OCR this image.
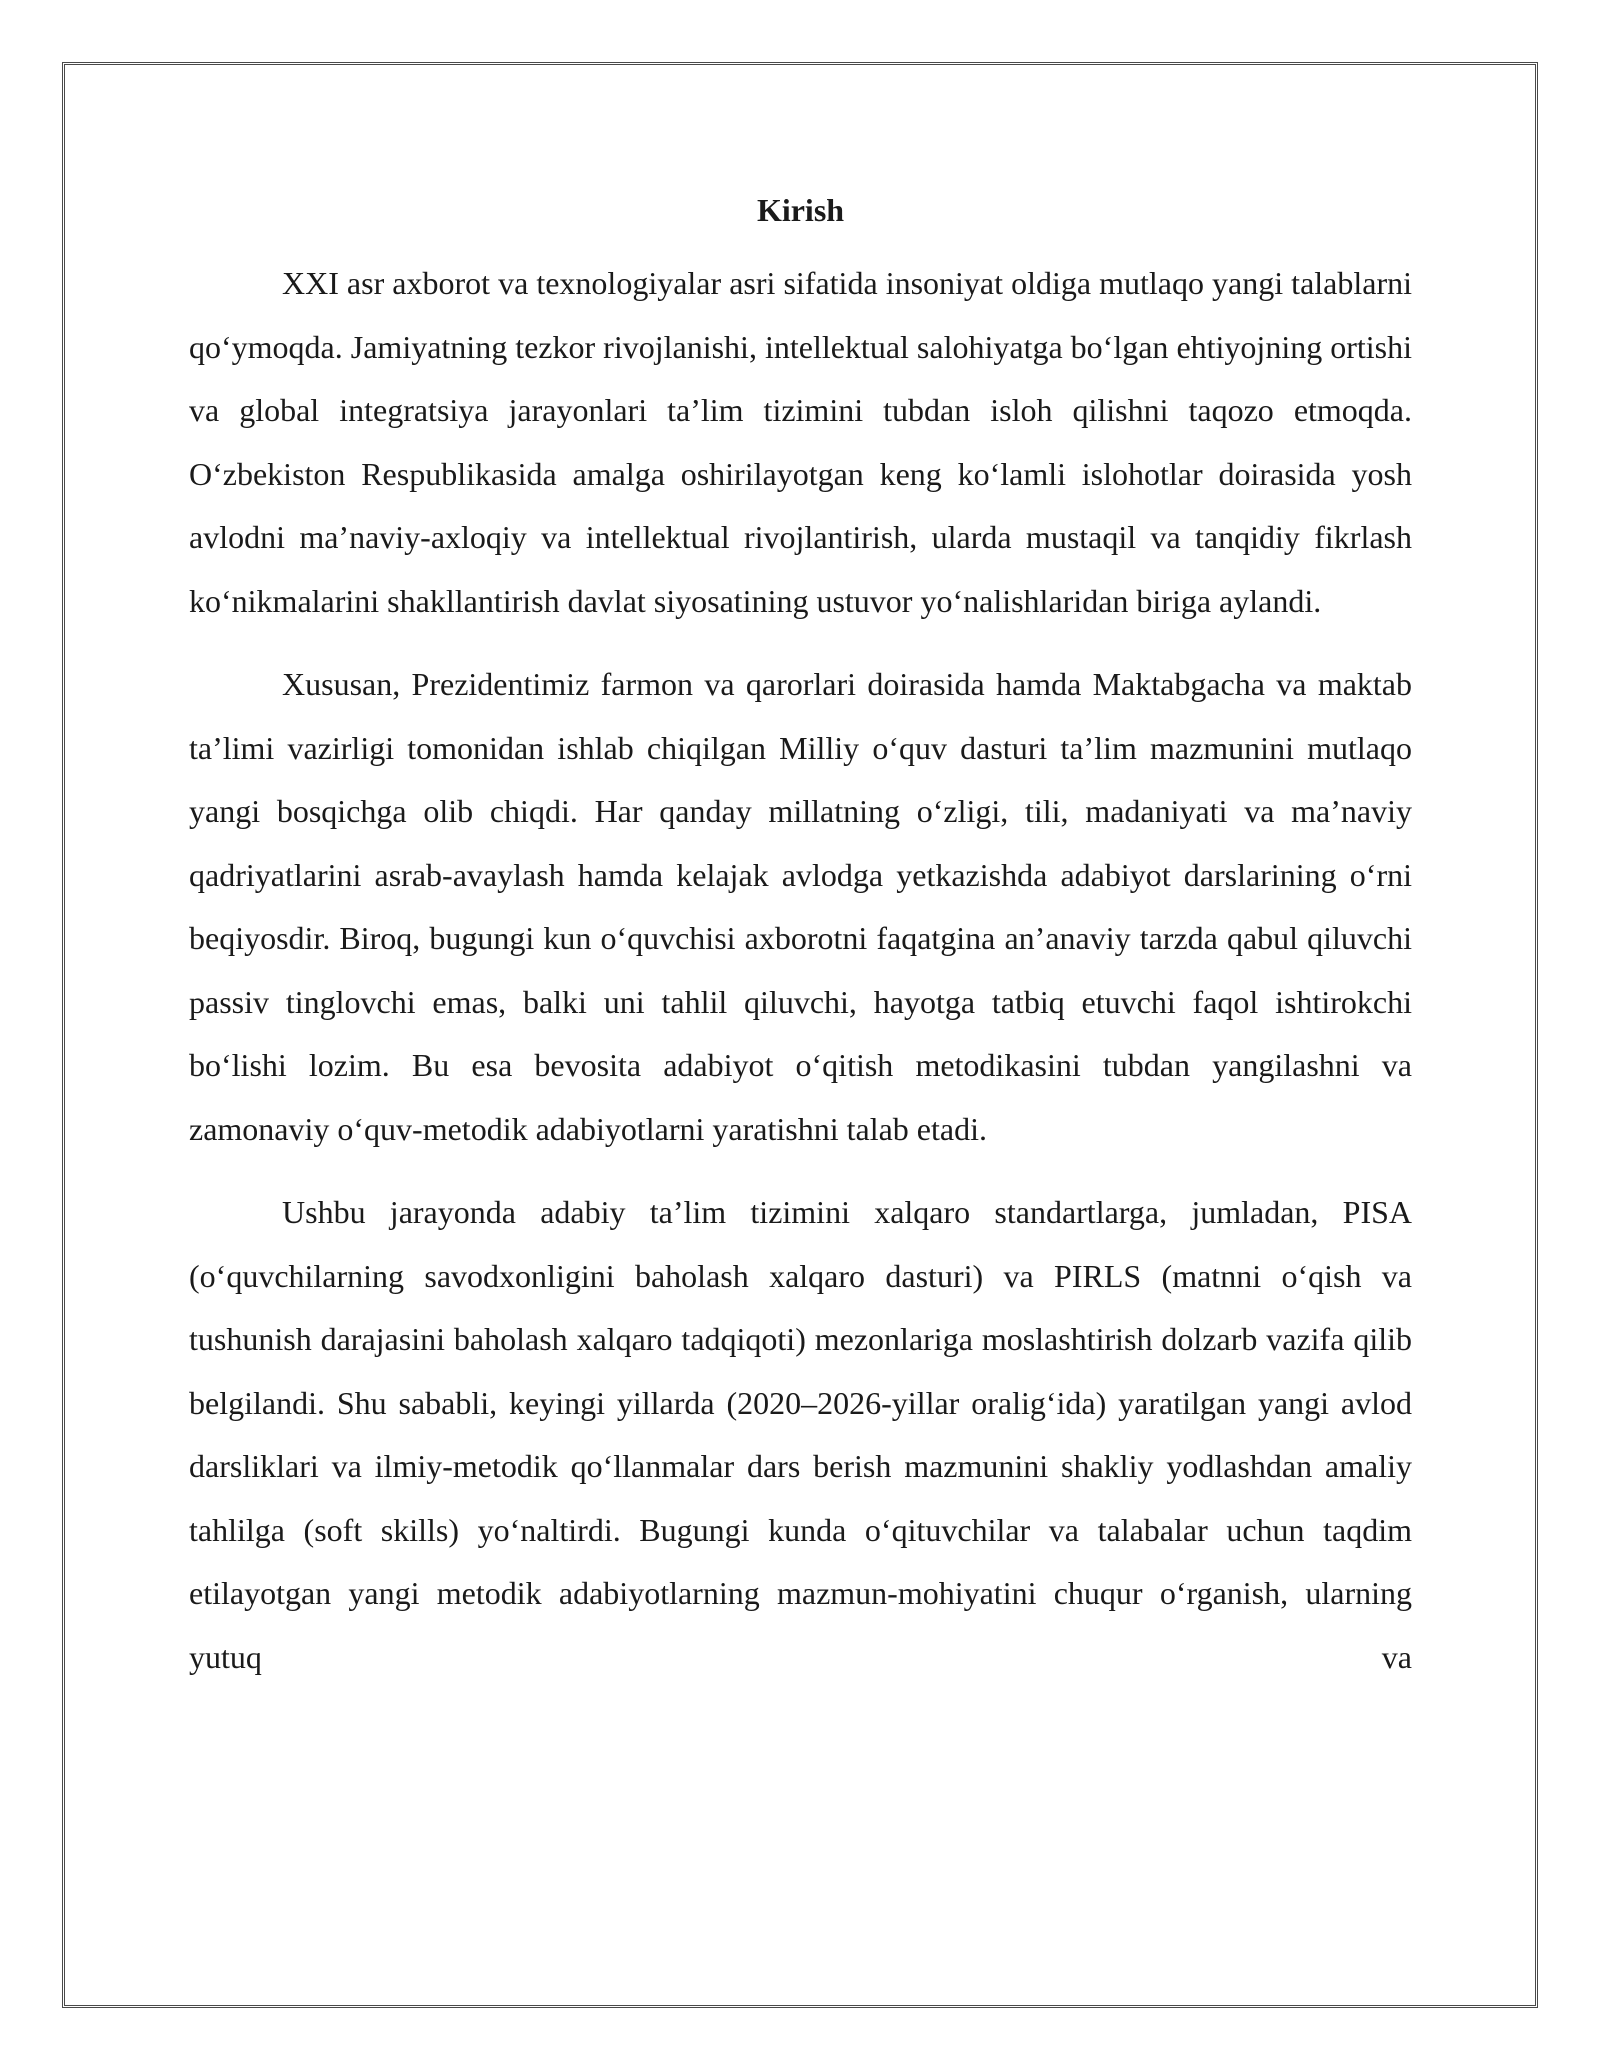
Kirish

XXI asr axborot va texnologiyalar asri sifatida insoniyat oldiga mutlaqo yangi talablarni qo‘ymoqda. Jamiyatning tezkor rivojlanishi, intellektual salohiyatga bo‘lgan ehtiyojning ortishi va global integratsiya jarayonlari ta’lim tizimini tubdan isloh qilishni taqozo etmoqda. O‘zbekiston Respublikasida amalga oshirilayotgan keng ko‘lamli islohotlar doirasida yosh avlodni ma’naviy-axloqiy va intellektual rivojlantirish, ularda mustaqil va tanqidiy fikrlash ko‘nikmalarini shakllantirish davlat siyosatining ustuvor yo‘nalishlaridan biriga aylandi.

Xususan, Prezidentimiz farmon va qarorlari doirasida hamda Maktabgacha va maktab ta’limi vazirligi tomonidan ishlab chiqilgan Milliy o‘quv dasturi ta’lim mazmunini mutlaqo yangi bosqichga olib chiqdi. Har qanday millatning o‘zligi, tili, madaniyati va ma’naviy qadriyatlarini asrab-avaylash hamda kelajak avlodga yetkazishda adabiyot darslarining o‘rni beqiyosdir. Biroq, bugungi kun o‘quvchisi axborotni faqatgina an’anaviy tarzda qabul qiluvchi passiv tinglovchi emas, balki uni tahlil qiluvchi, hayotga tatbiq etuvchi faqol ishtirokchi bo‘lishi lozim. Bu esa bevosita adabiyot o‘qitish metodikasini tubdan yangilashni va zamonaviy o‘quv-metodik adabiyotlarni yaratishni talab etadi.

Ushbu jarayonda adabiy ta’lim tizimini xalqaro standartlarga, jumladan, PISA (o‘quvchilarning savodxonligini baholash xalqaro dasturi) va PIRLS (matnni o‘qish va tushunish darajasini baholash xalqaro tadqiqoti) mezonlariga moslashtirish dolzarb vazifa qilib belgilandi. Shu sababli, keyingi yillarda (2020–2026-yillar oralig‘ida) yaratilgan yangi avlod darsliklari va ilmiy-metodik qo‘llanmalar dars berish mazmunini shakliy yodlashdan amaliy tahlilga (soft skills) yo‘naltirdi. Bugungi kunda o‘qituvchilar va talabalar uchun taqdim etilayotgan yangi metodik adabiyotlarning mazmun-mohiyatini chuqur o‘rganish, ularning yutuq va
